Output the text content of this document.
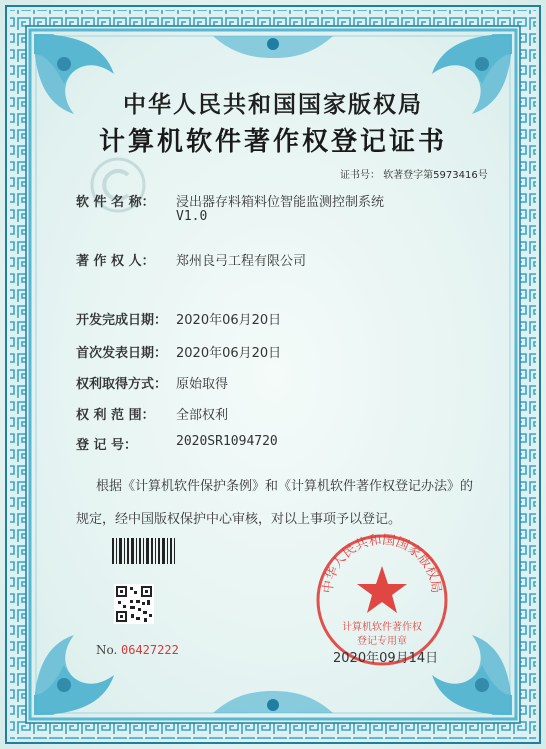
中华人民共和国国家版权局
计算机软件著作权登记证书
证书号： 软著登字第5973416号
软 件 名 称： 浸出器存料箱料位智能监测控制系统
V1.0
著 作 权 人： 郑州良弓工程有限公司
开发完成日期： 2020年06月20日
首次发表日期： 2020年06月20日
权利取得方式： 原始取得
权 利 范 围： 全部权利
登 记 号：	2020SR1094720
根据《计算机软件保护条例》和《计算机软件著作权登记办法》的
规定，经中国版权保护中心审核，对以上事项予以登记。
No. 06427222
中华人民共和国国家版权局
计算机软件著作权
登记专用章
2020年09月14日
